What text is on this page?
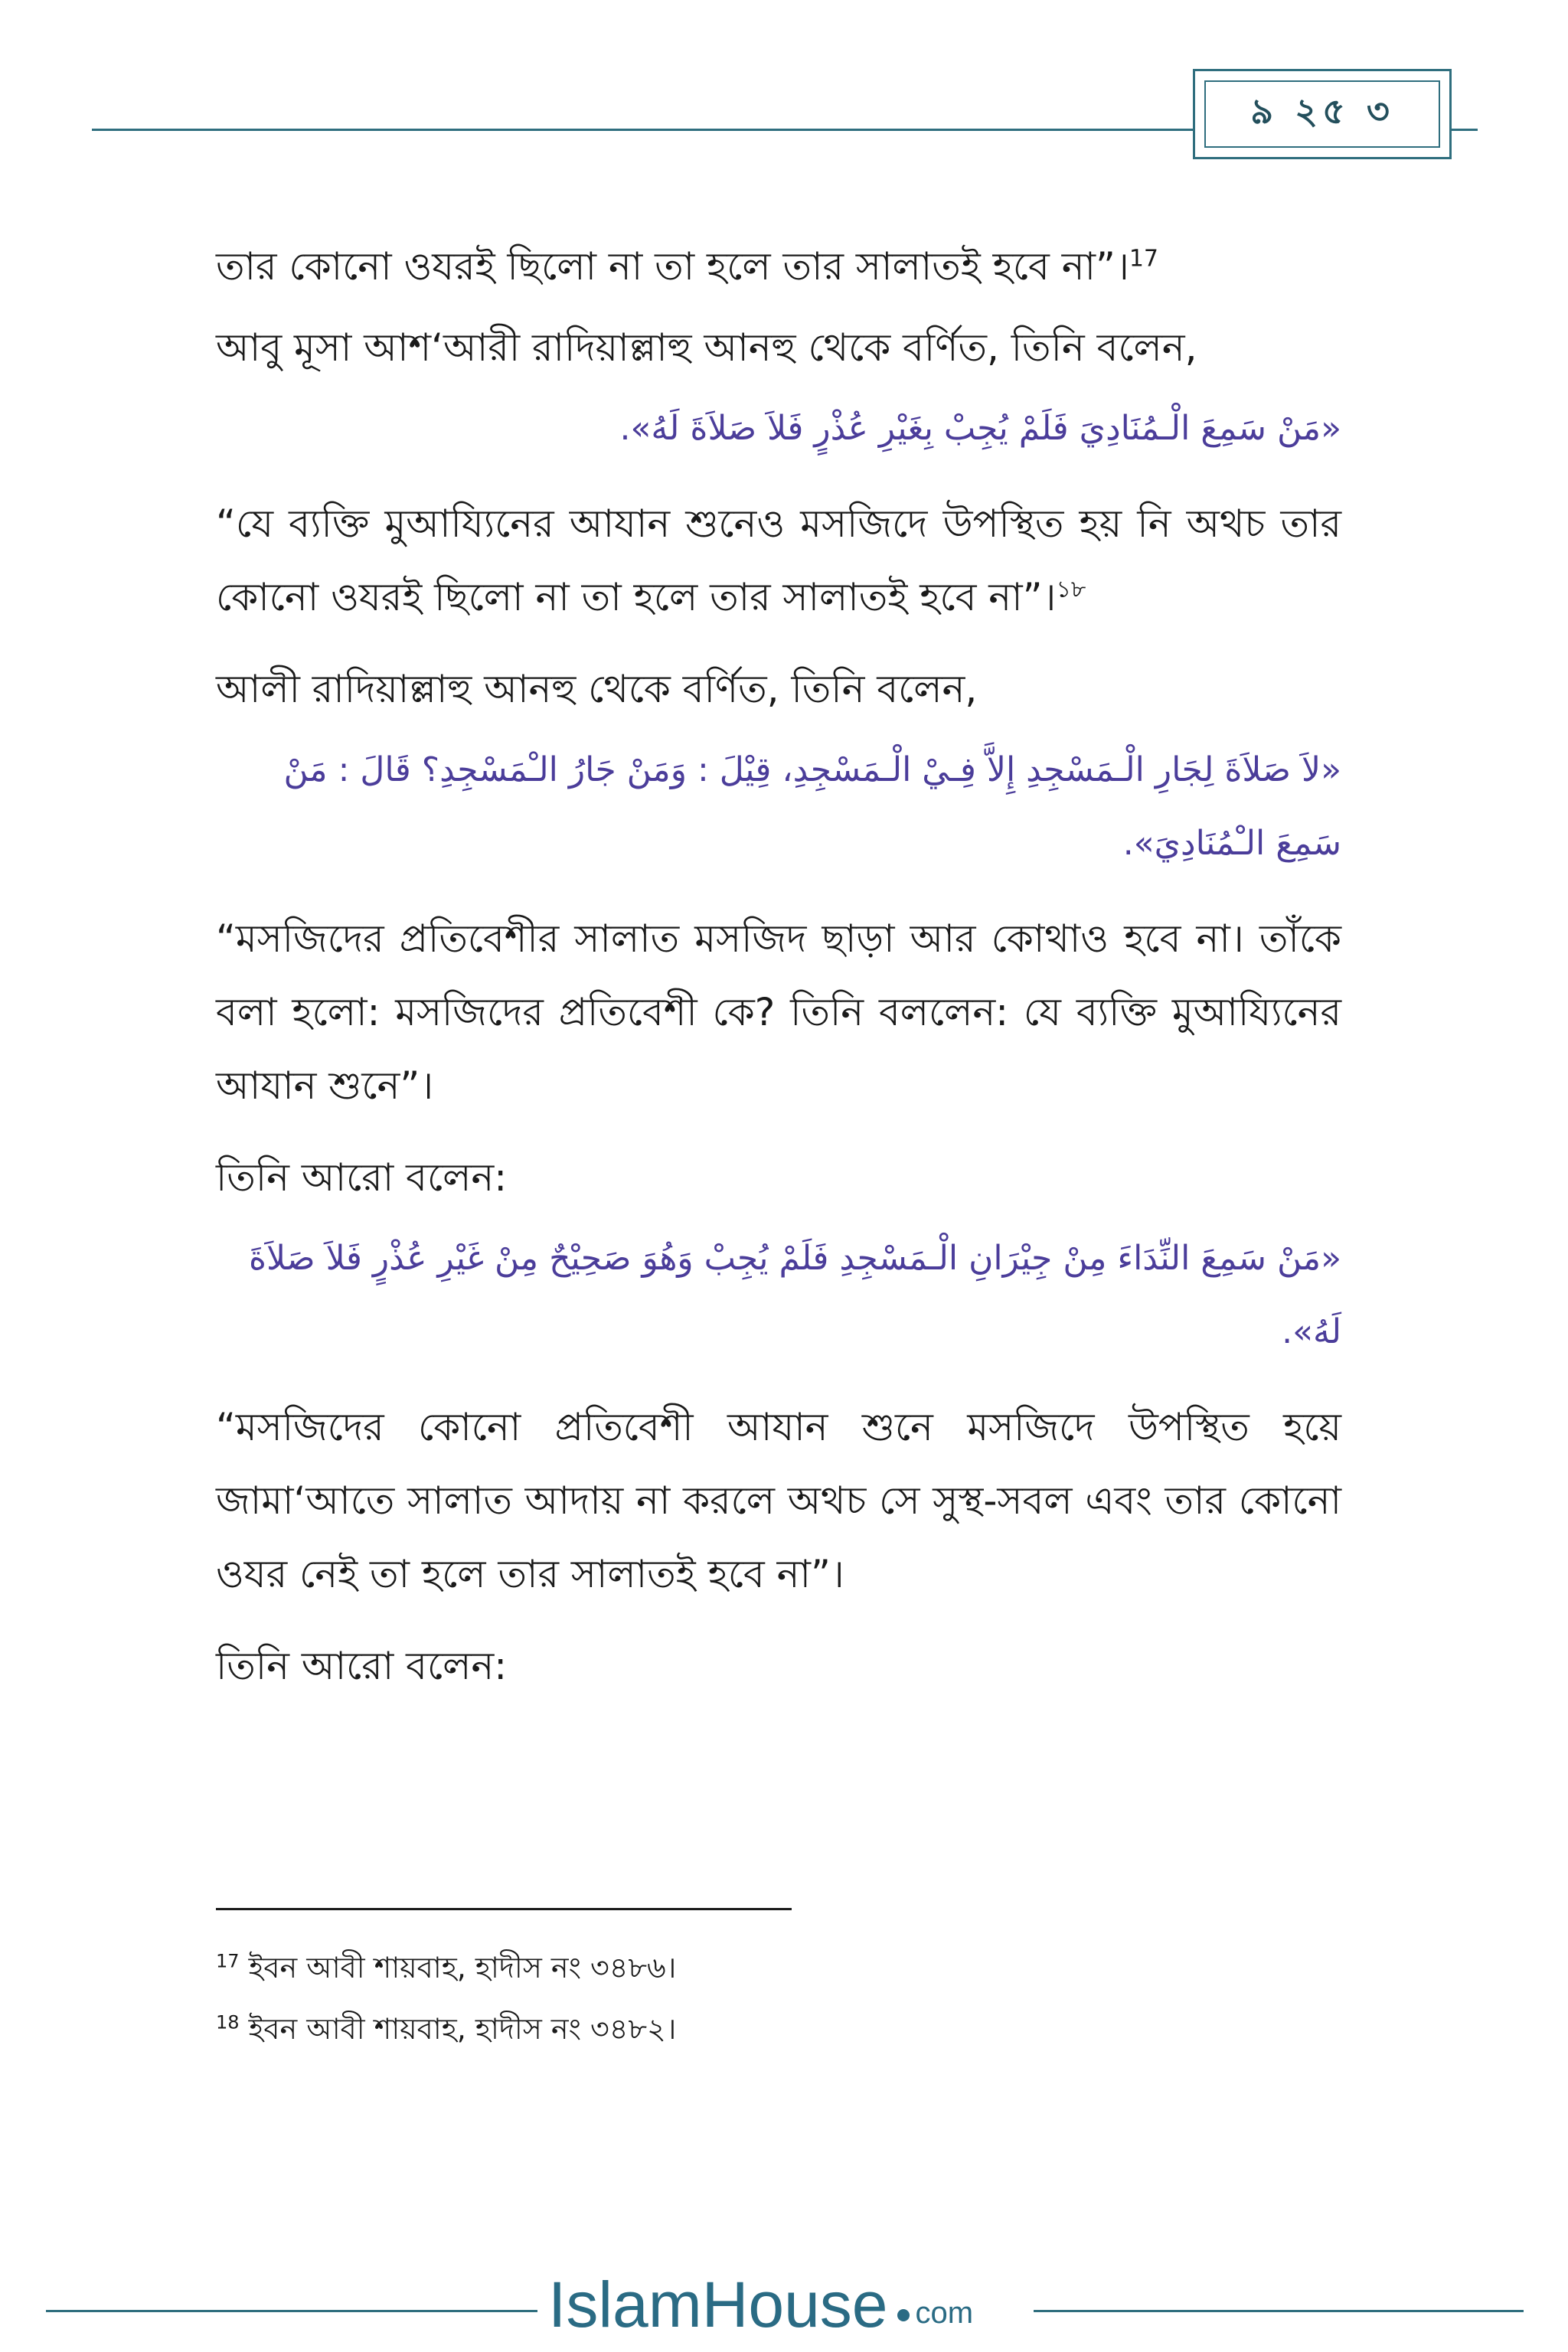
৯ ২৫ ৩

তার কোনো ওযরই ছিলো না তা হলে তার সালাতই হবে না”।$^{17}$

আবু মূসা আশ‘আরী রাদিয়াল্লাহু আনহু থেকে বর্ণিত, তিনি বলেন,

«مَنْ سَمِعَ الْـمُنَادِيَ فَلَمْ يُجِبْ بِغَيْرِ عُذْرٍ فَلاَ صَلاَةَ لَهُ».

“যে ব্যক্তি মুআয্যিনের আযান শুনেও মসজিদে উপস্থিত হয় নি অথচ তার কোনো ওযরই ছিলো না তা হলে তার সালাতই হবে না”।$^{১৮}$

আলী রাদিয়াল্লাহু আনহু থেকে বর্ণিত, তিনি বলেন,

«لاَ صَلاَةَ لِجَارِ الْـمَسْجِدِ إِلاَّ فِـيْ الْـمَسْجِدِ، قِيْلَ : وَمَنْ جَارُ الـْمَسْجِدِ؟ قَالَ : مَنْ سَمِعَ الـْمُنَادِيَ».

“মসজিদের প্রতিবেশীর সালাত মসজিদ ছাড়া আর কোথাও হবে না। তাঁকে বলা হলো: মসজিদের প্রতিবেশী কে? তিনি বললেন: যে ব্যক্তি মুআয্যিনের আযান শুনে”।

তিনি আরো বলেন:

«مَنْ سَمِعَ النِّدَاءَ مِنْ جِيْرَانِ الْـمَسْجِدِ فَلَمْ يُجِبْ وَهُوَ صَحِيْحٌ مِنْ غَيْرِ عُذْرٍ فَلاَ صَلاَةَ لَهُ».

“মসজিদের কোনো প্রতিবেশী আযান শুনে মসজিদে উপস্থিত হয়ে জামা‘আতে সালাত আদায় না করলে অথচ সে সুস্থ-সবল এবং তার কোনো ওযর নেই তা হলে তার সালাতই হবে না”।

তিনি আরো বলেন:

$^{17}$ ইবন আবী শায়বাহ, হাদীস নং ৩৪৮৬।

$^{18}$ ইবন আবী শায়বাহ, হাদীস নং ৩৪৮২।

IslamHouse com
